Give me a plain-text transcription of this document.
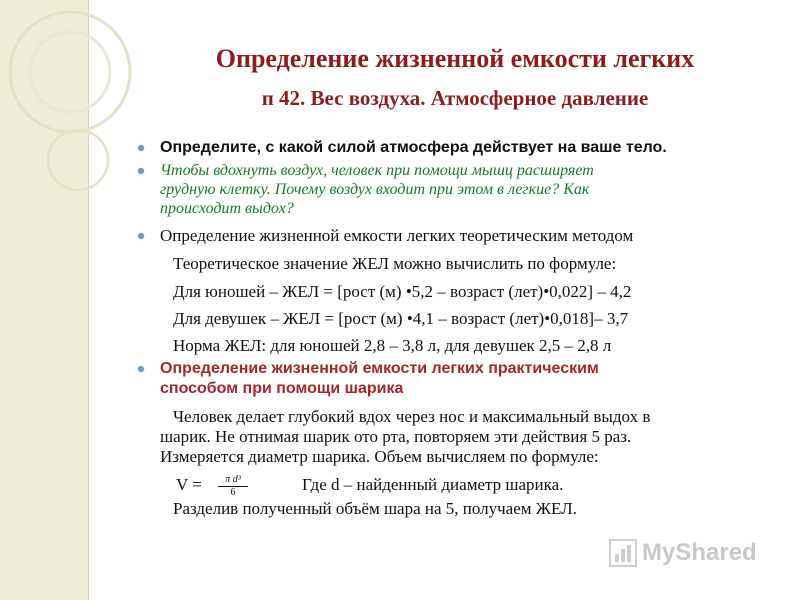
Определение жизненной емкости легких
п 42. Вес воздуха. Атмосферное давление
Определите, с какой силой атмосфера действует на ваше тело.
Чтобы вдохнуть воздух, человек при помощи мышц расширяет
грудную клетку. Почему воздух входит при этом в легкие? Как
происходит выдох?
Определение жизненной емкости легких теоретическим методом
Теоретическое значение ЖЕЛ можно вычислить по формуле:
Для юношей – ЖЕЛ = [рост (м) •5,2 – возраст (лет)•0,022] – 4,2
Для девушек – ЖЕЛ = [рост (м) •4,1 – возраст (лет)•0,018]– 3,7
Норма ЖЕЛ: для юношей 2,8 – 3,8 л, для девушек 2,5 – 2,8 л
Определение жизненной емкости легких практическим
способом при помощи шарика
Человек делает глубокий вдох через нос и максимальный выдох в
шарик. Не отнимая шарик ото рта, повторяем эти действия 5 раз.
Измеряется диаметр шарика. Объем вычисляем по формуле:
$V = \frac{\text{π d³}}{6}$	Где d – найденный диаметр шарика.
Разделив полученный объём шара на 5, получаем ЖЕЛ.
MyShared
